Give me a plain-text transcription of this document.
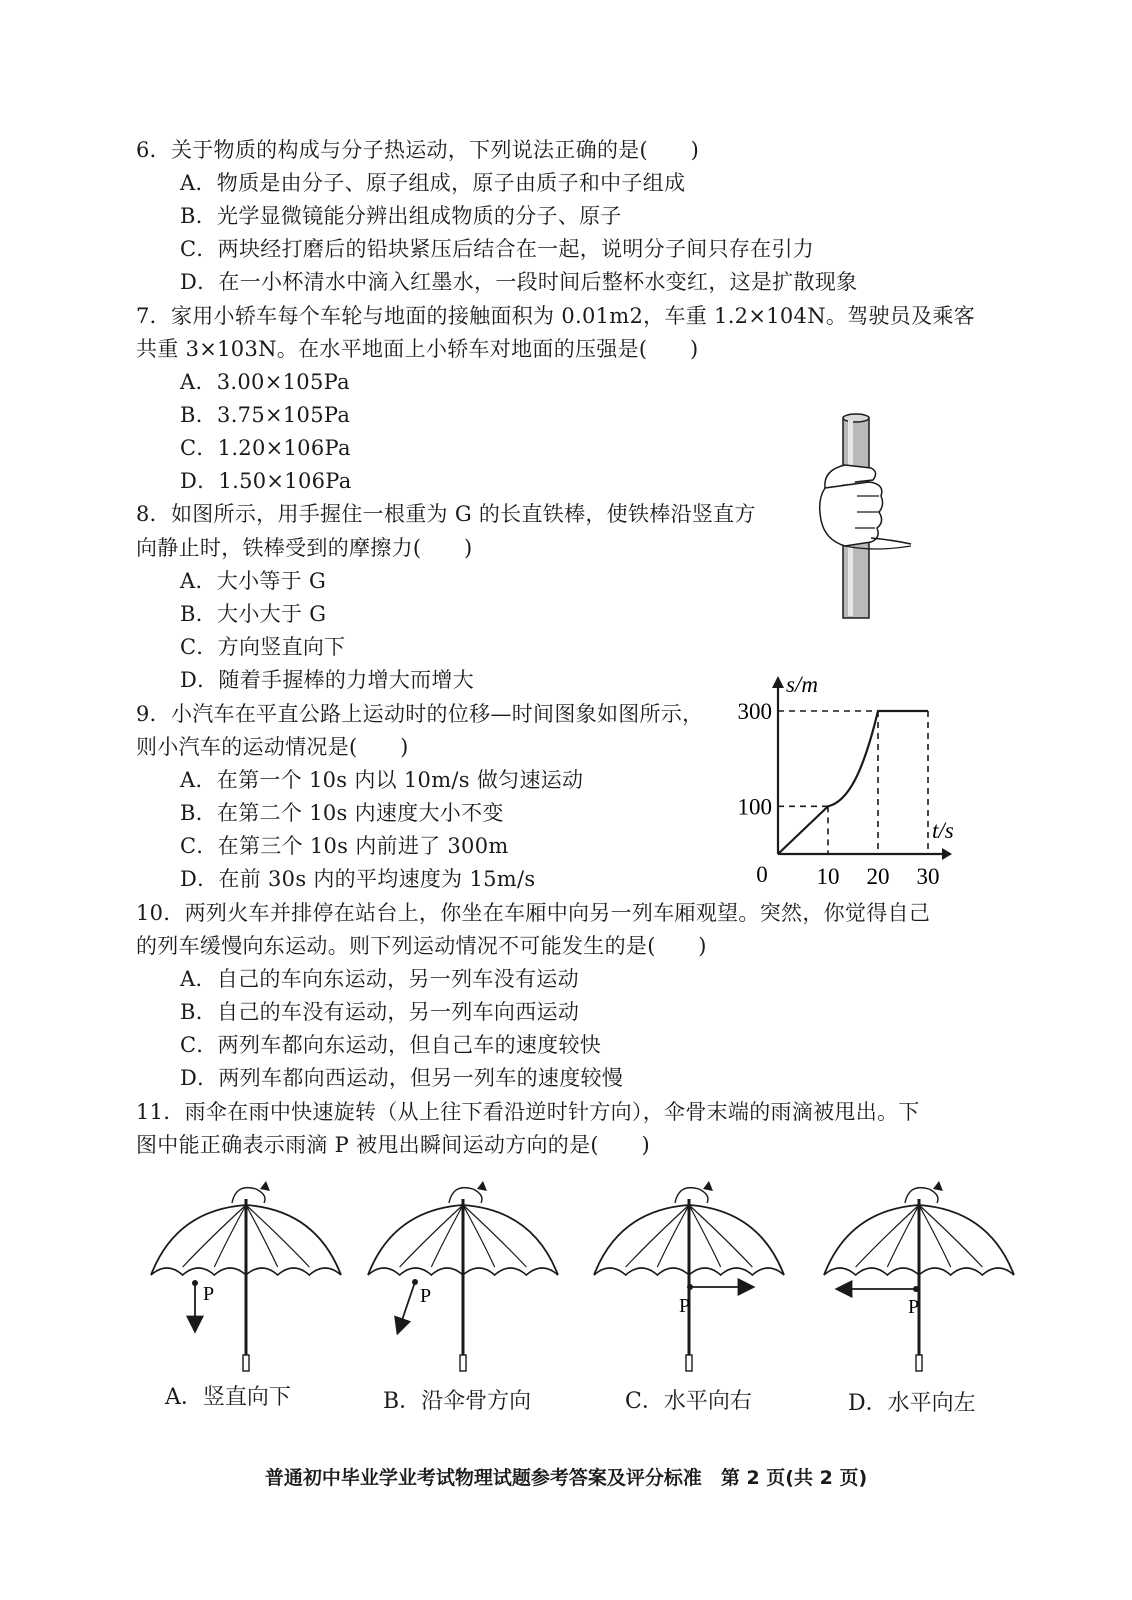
6．关于物质的构成与分子热运动，下列说法正确的是(　　)
A．物质是由分子、原子组成，原子由质子和中子组成
B．光学显微镜能分辨出组成物质的分子、原子
C．两块经打磨后的铅块紧压后结合在一起，说明分子间只存在引力
D．在一小杯清水中滴入红墨水，一段时间后整杯水变红，这是扩散现象
7．家用小轿车每个车轮与地面的接触面积为 0.01m2，车重 1.2×104N。驾驶员及乘客
共重 3×103N。在水平地面上小轿车对地面的压强是(　　)
A．3.00×105Pa
B．3.75×105Pa
C．1.20×106Pa
D．1.50×106Pa
8．如图所示，用手握住一根重为 G 的长直铁棒，使铁棒沿竖直方
向静止时，铁棒受到的摩擦力(　　)
A．大小等于 G
B．大小大于 G
C．方向竖直向下
D．随着手握棒的力增大而增大
9．小汽车在平直公路上运动时的位移—时间图象如图所示，
则小汽车的运动情况是(　　)
A．在第一个 10s 内以 10m/s 做匀速运动
B．在第二个 10s 内速度大小不变
C．在第三个 10s 内前进了 300m
D．在前 30s 内的平均速度为 15m/s
10．两列火车并排停在站台上，你坐在车厢中向另一列车厢观望。突然，你觉得自己
的列车缓慢向东运动。则下列运动情况不可能发生的是(　　)
A．自己的车向东运动，另一列车没有运动
B．自己的车没有运动，另一列车向西运动
C．两列车都向东运动，但自己车的速度较快
D．两列车都向西运动，但另一列车的速度较慢
11．雨伞在雨中快速旋转（从上往下看沿逆时针方向），伞骨末端的雨滴被甩出。下
图中能正确表示雨滴 P 被甩出瞬间运动方向的是(　　)
s/m
t/s
0 10 20 30
100
300
P	P	P	P
A．竖直向下	B．沿伞骨方向	C．水平向右	D．水平向左
普通初中毕业学业考试物理试题参考答案及评分标准　第 2 页(共 2 页)
